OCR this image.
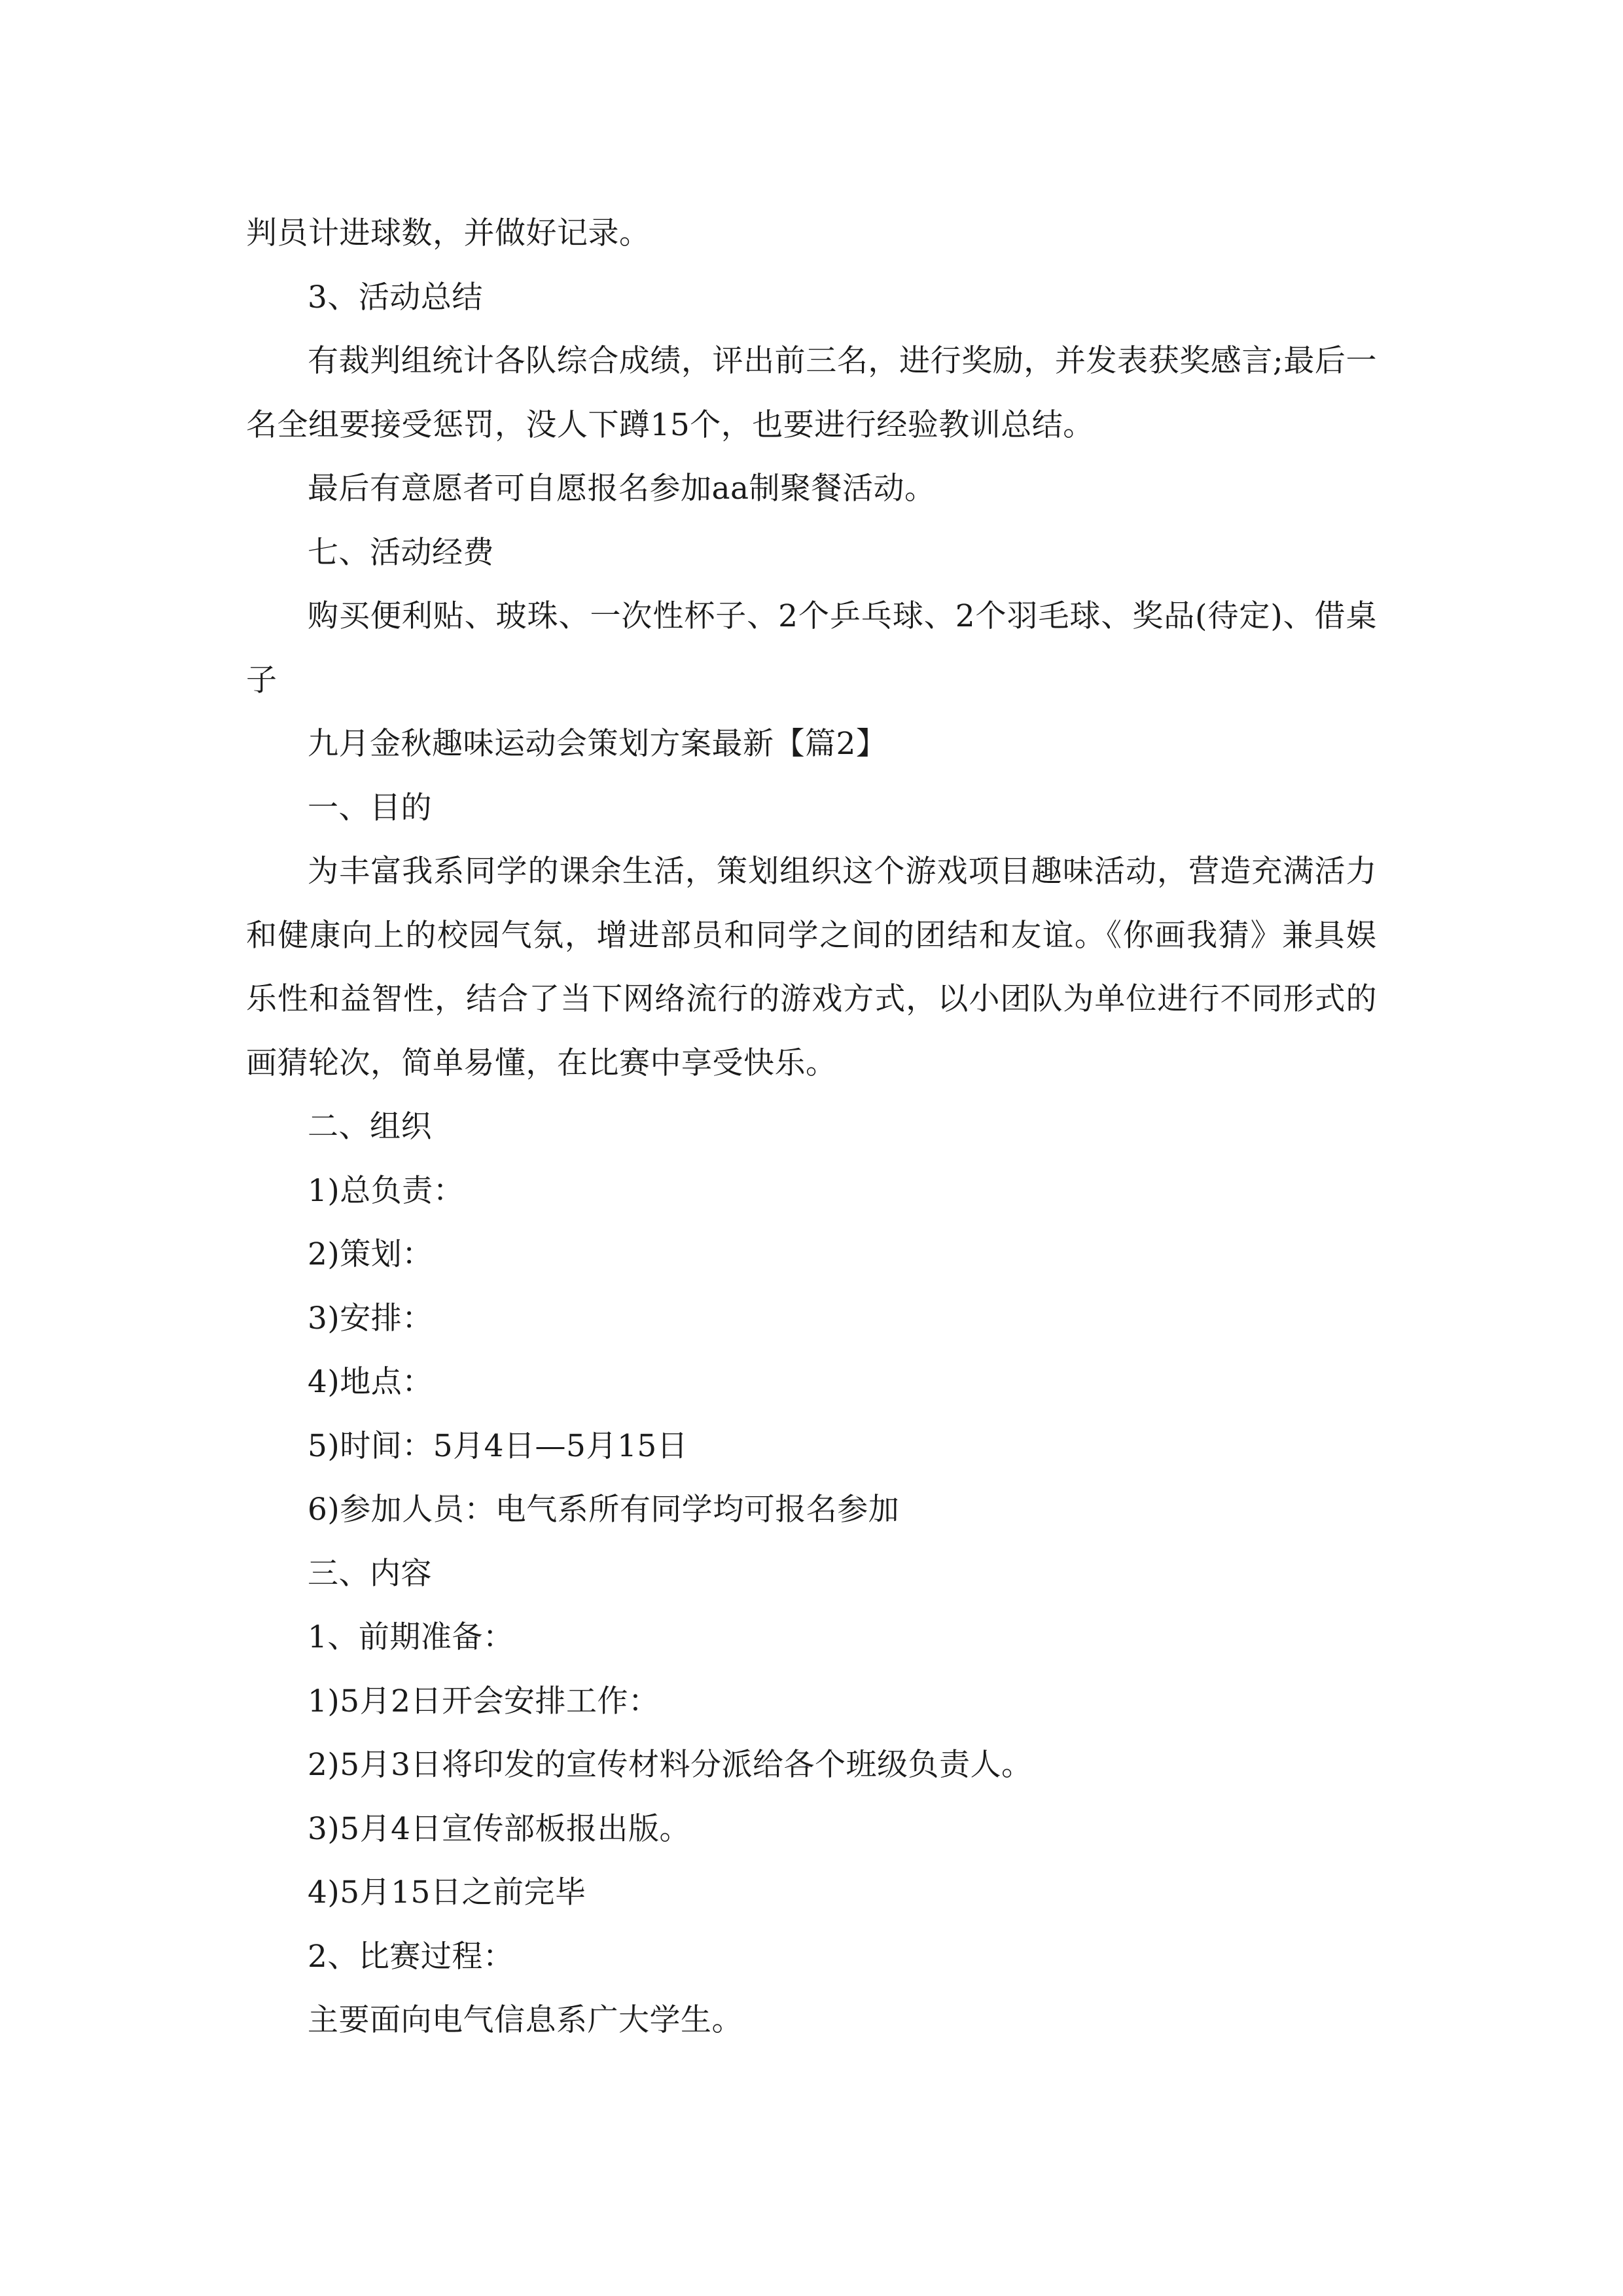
判员计进球数，并做好记录。

3、活动总结

有裁判组统计各队综合成绩，评出前三名，进行奖励，并发表获奖感言;最后一名全组要接受惩罚，没人下蹲15个，也要进行经验教训总结。

最后有意愿者可自愿报名参加aa制聚餐活动。

七、活动经费

购买便利贴、玻珠、一次性杯子、2个乒乓球、2个羽毛球、奖品(待定)、借桌子

九月金秋趣味运动会策划方案最新【篇2】

一、目的

为丰富我系同学的课余生活，策划组织这个游戏项目趣味活动，营造充满活力和健康向上的校园气氛，增进部员和同学之间的团结和友谊。《你画我猜》兼具娱乐性和益智性，结合了当下网络流行的游戏方式，以小团队为单位进行不同形式的画猜轮次，简单易懂，在比赛中享受快乐。

二、组织

1)总负责：

2)策划：

3)安排：

4)地点：

5)时间：5月4日—5月15日

6)参加人员：电气系所有同学均可报名参加

三、内容

1、前期准备：

1)5月2日开会安排工作：

2)5月3日将印发的宣传材料分派给各个班级负责人。

3)5月4日宣传部板报出版。

4)5月15日之前完毕

2、比赛过程：

主要面向电气信息系广大学生。
